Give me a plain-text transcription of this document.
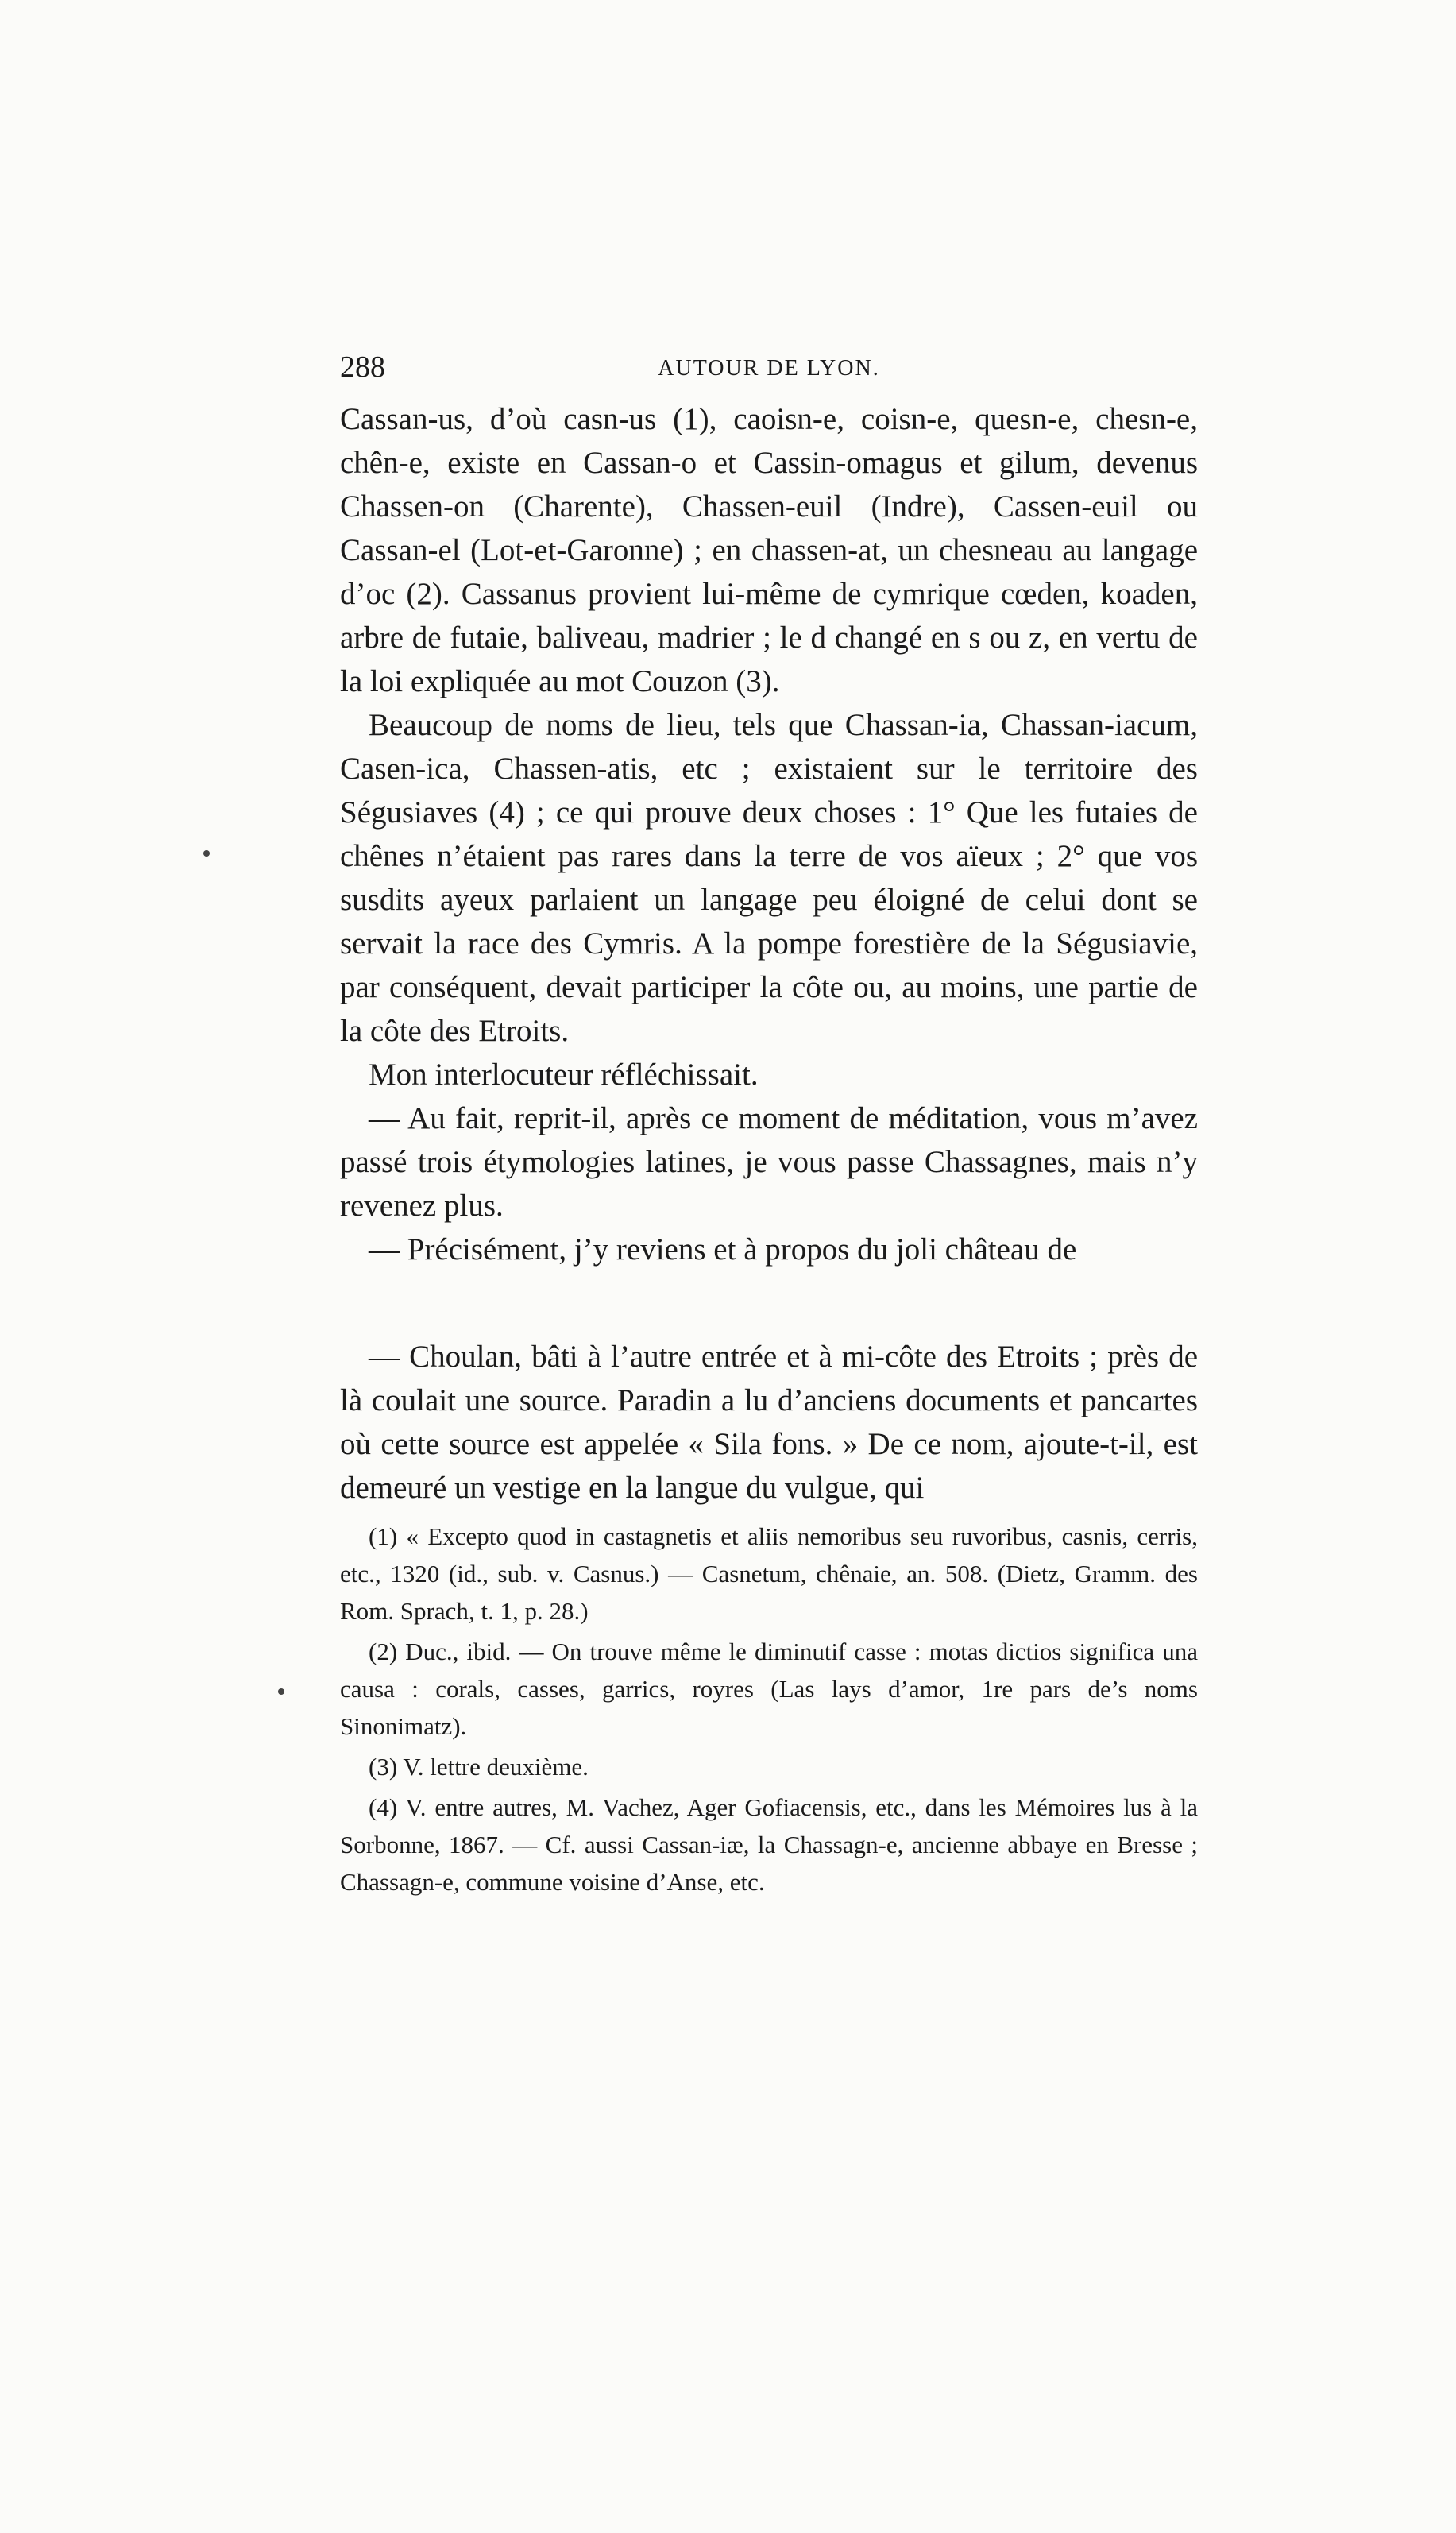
288	AUTOUR DE LYON.

Cassan-us, d’où casn-us (1), caoisn-e, coisn-e, quesn-e, chesn-e, chên-e, existe en Cassan-o et Cassin-omagus et gilum, devenus Chassen-on (Charente), Chassen-euil (Indre), Cassen-euil ou Cassan-el (Lot-et-Garonne) ; en chassen-at, un chesneau au langage d’oc (2). Cassanus provient lui-même de cymrique cœden, koaden, arbre de futaie, baliveau, madrier ; le d changé en s ou z, en vertu de la loi expliquée au mot Couzon (3).

Beaucoup de noms de lieu, tels que Chassan-ia, Chassan-iacum, Casen-ica, Chassen-atis, etc ; existaient sur le territoire des Ségusiaves (4) ; ce qui prouve deux choses : 1° Que les futaies de chênes n’étaient pas rares dans la terre de vos aïeux ; 2° que vos susdits ayeux parlaient un langage peu éloigné de celui dont se servait la race des Cymris. A la pompe forestière de la Ségusiavie, par conséquent, devait participer la côte ou, au moins, une partie de la côte des Etroits.

Mon interlocuteur réfléchissait.

— Au fait, reprit-il, après ce moment de méditation, vous m’avez passé trois étymologies latines, je vous passe Chassagnes, mais n’y revenez plus.

— Précisément, j’y reviens et à propos du joli château de

— Choulan, bâti à l’autre entrée et à mi-côte des Etroits ; près de là coulait une source. Paradin a lu d’anciens documents et pancartes où cette source est appelée « Sila fons. » De ce nom, ajoute-t-il, est demeuré un vestige en la langue du vulgue, qui

(1) « Excepto quod in castagnetis et aliis nemoribus seu ruvoribus, casnis, cerris, etc., 1320 (id., sub. v. Casnus.) — Casnetum, chênaie, an. 508. (Dietz, Gramm. des Rom. Sprach, t. 1, p. 28.)

(2) Duc., ibid. — On trouve même le diminutif casse : motas dictios significa una causa : corals, casses, garrics, royres (Las lays d’amor, 1re pars de’s noms Sinonimatz).

(3) V. lettre deuxième.

(4) V. entre autres, M. Vachez, Ager Gofiacensis, etc., dans les Mémoires lus à la Sorbonne, 1867. — Cf. aussi Cassan-iæ, la Chassagn-e, ancienne abbaye en Bresse ; Chassagn-e, commune voisine d’Anse, etc.
